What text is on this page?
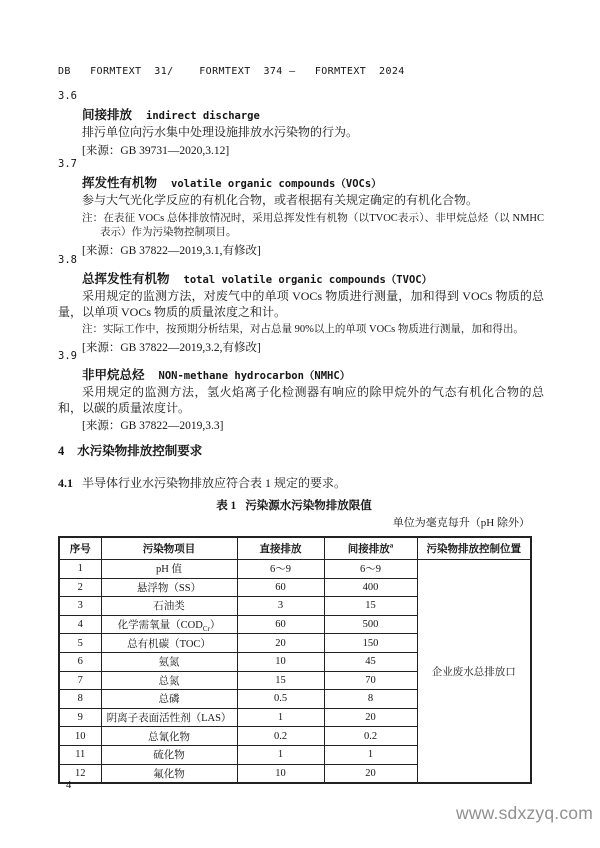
DB   FORMTEXT  31/    FORMTEXT  374 —   FORMTEXT  2024
3.6
间接排放 indirect discharge

排污单位向污水集中处理设施排放水污染物的行为。

[来源：GB 39731—2020,3.12]

3.7
挥发性有机物 volatile organic compounds（VOCs）

参与大气光化学反应的有机化合物，或者根据有关规定确定的有机化合物。

注：在表征 VOCs 总体排放情况时，采用总挥发性有机物（以TVOC表示）、非甲烷总烃（以 NMHC表示）作为污染物控制项目。

[来源：GB 37822—2019,3.1,有修改]

3.8
总挥发性有机物 total volatile organic compounds（TVOC）

采用规定的监测方法，对废气中的单项 VOCs 物质进行测量，加和得到 VOCs 物质的总量，以单项 VOCs 物质的质量浓度之和计。

注：实际工作中，按预期分析结果，对占总量 90%以上的单项 VOCs 物质进行测量，加和得出。

[来源：GB 37822—2019,3.2,有修改]

3.9
非甲烷总烃 NON-methane hydrocarbon（NMHC）

采用规定的监测方法，氢火焰离子化检测器有响应的除甲烷外的气态有机化合物的总和，以碳的质量浓度计。

[来源：GB 37822—2019,3.3]

4 水污染物排放控制要求
4.1 半导体行业水污染物排放应符合表 1 规定的要求。
表 1 污染源水污染物排放限值
单位为毫克每升（pH 除外）
序号	污染物项目	直接排放	间接排放$^a$	污染物排放控制位置
1	pH 值	6～9	6～9	企业废水总排放口
2	悬浮物（SS）	60	400	
3	石油类	3	15	
4	化学需氧量$(COD_{Cr})$	60	500	
5	总有机碳（TOC）	20	150	
6	氨氮	10	45	
7	总氮	15	70	
8	总磷	0.5	8	
9	阴离子表面活性剂（LAS）	1	20	
10	总氰化物	0.2	0.2	
11	硫化物	1	1	
12	氟化物	10	20	
4
www.sdxzyq.com
